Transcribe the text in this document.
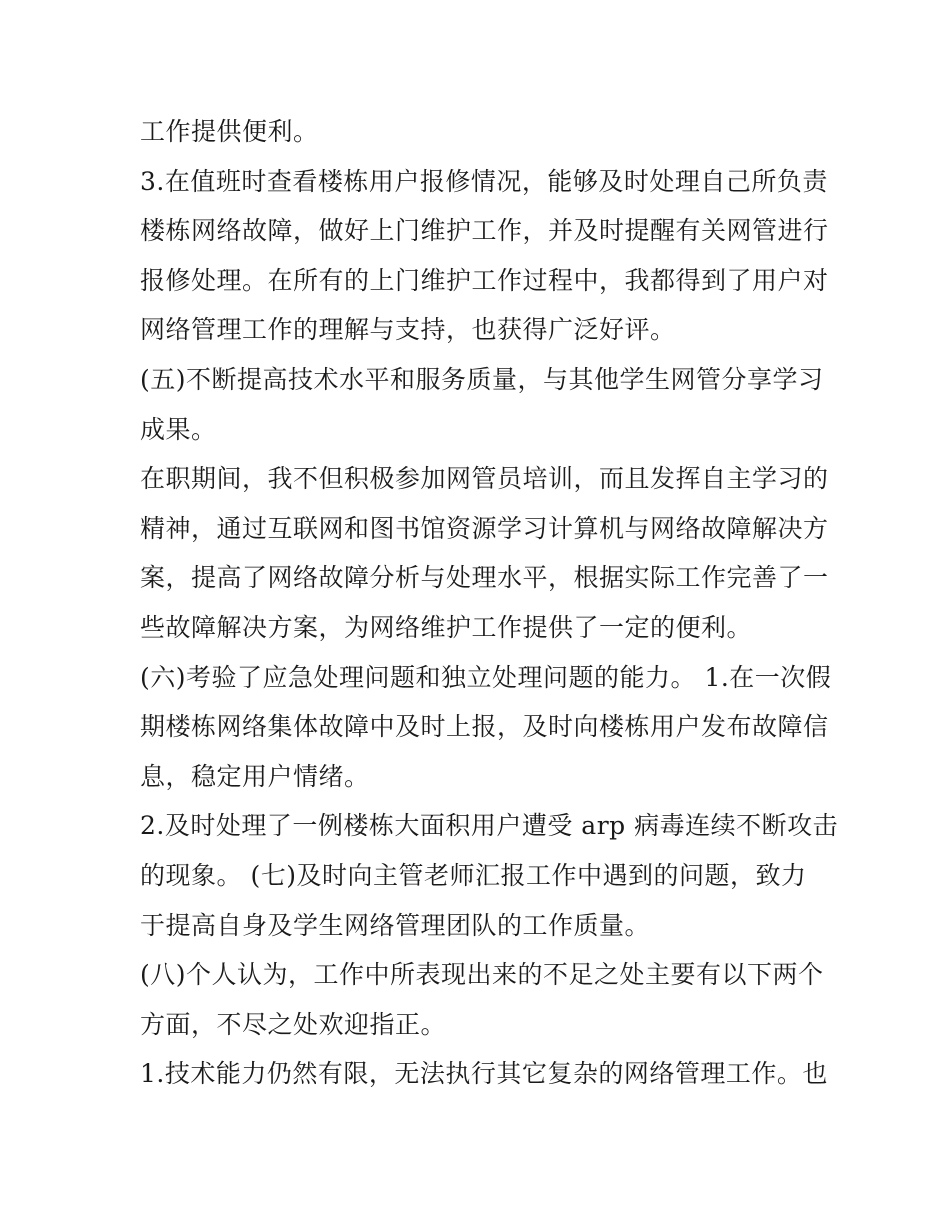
工作提供便利。
3.在值班时查看楼栋用户报修情况，能够及时处理自己所负责
楼栋网络故障，做好上门维护工作，并及时提醒有关网管进行
报修处理。在所有的上门维护工作过程中，我都得到了用户对
网络管理工作的理解与支持，也获得广泛好评。
(五)不断提高技术水平和服务质量，与其他学生网管分享学习
成果。
在职期间，我不但积极参加网管员培训，而且发挥自主学习的
精神，通过互联网和图书馆资源学习计算机与网络故障解决方
案，提高了网络故障分析与处理水平，根据实际工作完善了一
些故障解决方案，为网络维护工作提供了一定的便利。
(六)考验了应急处理问题和独立处理问题的能力。 1.在一次假
期楼栋网络集体故障中及时上报，及时向楼栋用户发布故障信
息，稳定用户情绪。
2.及时处理了一例楼栋大面积用户遭受 arp 病毒连续不断攻击
的现象。 (七)及时向主管老师汇报工作中遇到的问题，致力
于提高自身及学生网络管理团队的工作质量。
(八)个人认为，工作中所表现出来的不足之处主要有以下两个
方面，不尽之处欢迎指正。
1.技术能力仍然有限，无法执行其它复杂的网络管理工作。也
